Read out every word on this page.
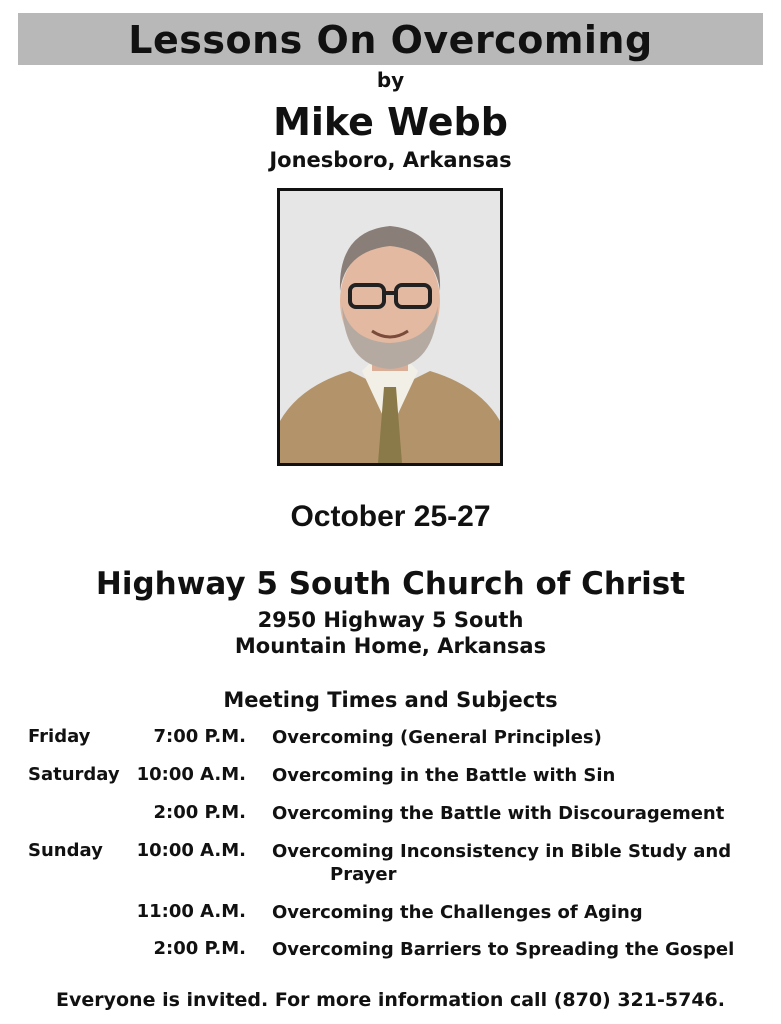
Lessons On Overcoming
by
Mike Webb
Jonesboro, Arkansas
October 25-27
Highway 5 South Church of Christ
2950 Highway 5 South
Mountain Home, Arkansas
Meeting Times and Subjects
Friday	7:00 P.M. Overcoming (General Principles)
Saturday 10:00 A.M. Overcoming in the Battle with Sin
2:00 P.M. Overcoming the Battle with Discouragement
Sunday 10:00 A.M. Overcoming Inconsistency in Bible Study and
Prayer
11:00 A.M. Overcoming the Challenges of Aging
2:00 P.M. Overcoming Barriers to Spreading the Gospel
Everyone is invited. For more information call (870) 321-5746.
